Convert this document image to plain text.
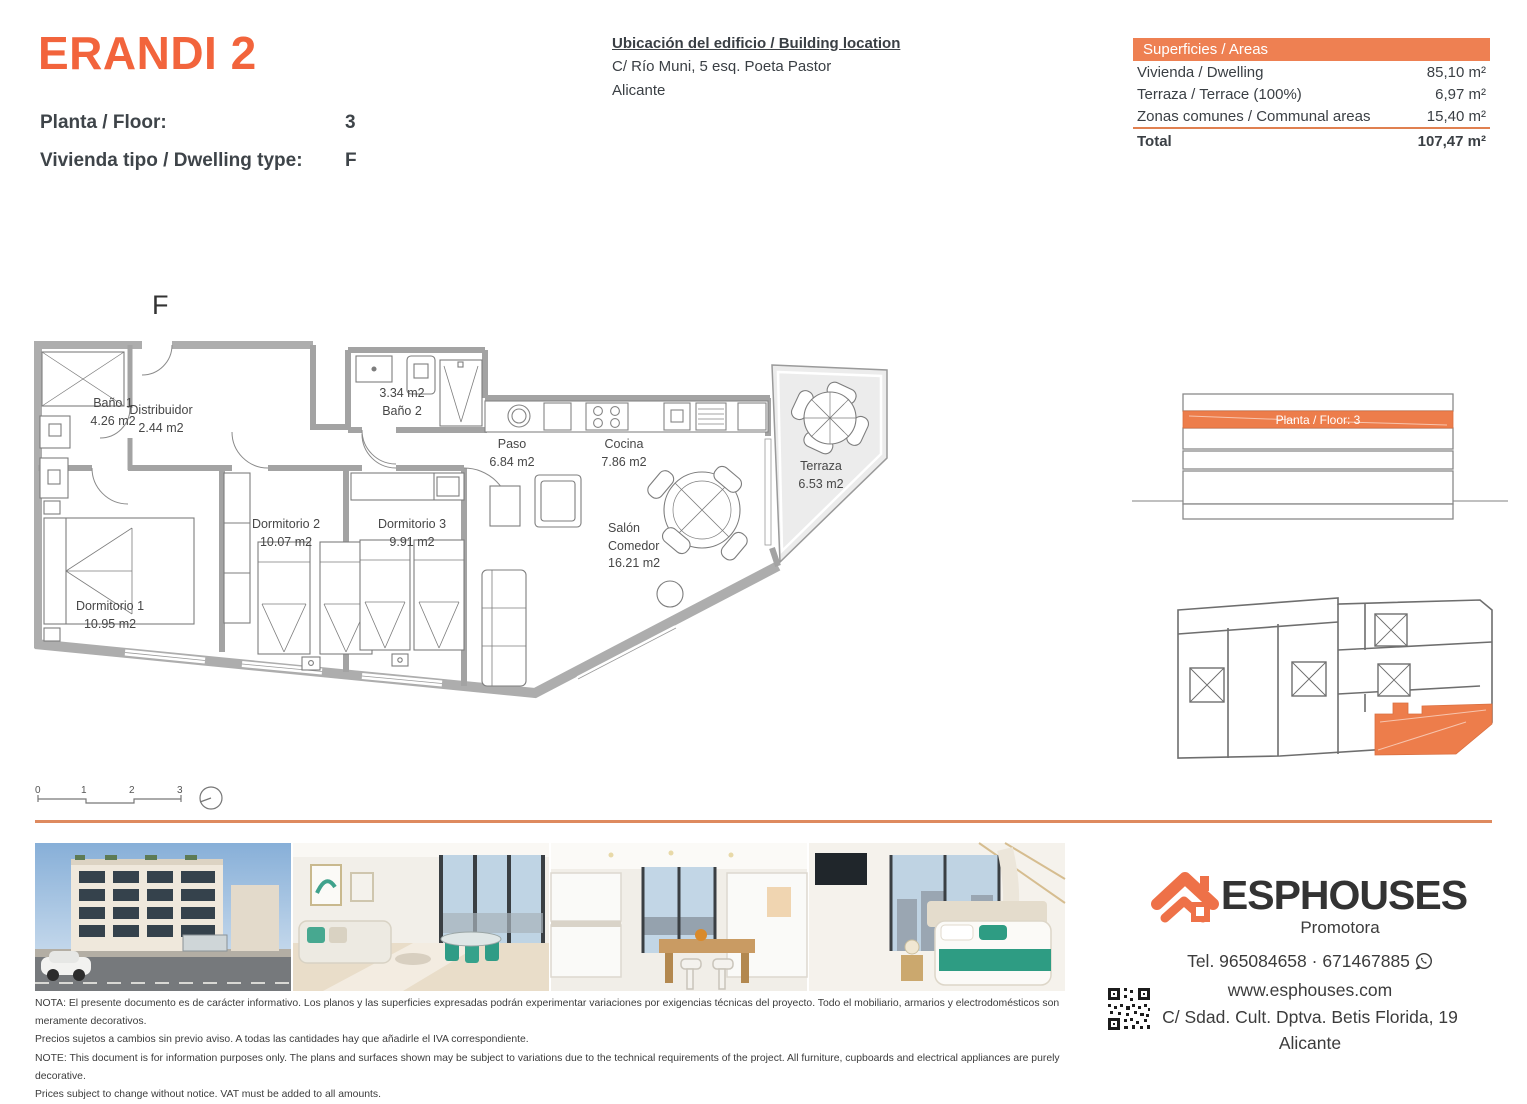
ERANDI 2
Planta / Floor:	3
Vivienda tipo / Dwelling type: F
Ubicación del edificio / Building location
C/ Río Muni, 5 esq. Poeta Pastor
Alicante
Superficies / Areas
Vivienda / Dwelling	85,10 m²
Terraza / Terrace (100%)	6,97 m²
Zonas comunes / Communal areas	15,40 m²
Total	107,47 m²
F
Baño 1
4.26 m2
Distribuidor
2.44 m2
3.34 m2
Baño 2
Paso
6.84 m2
Cocina
7.86 m2	Terraza
6.53 m2
Salón
Comedor
16.21 m2
Dormitorio 1
10.95 m2
Dormitorio 2
10.07 m2
Dormitorio 3
9.91 m2
0	1	2	3
Planta / Floor: 3
ESPHOUSES
Promotora
Tel. 965084658 · 671467885
www.esphouses.com
C/ Sdad. Cult. Dptva. Betis Florida, 19
Alicante
NOTA: El presente documento es de carácter informativo. Los planos y las superficies expresadas podrán experimentar variaciones por exigencias técnicas del proyecto. Todo el mobiliario, armarios y electrodomésticos son meramente decorativos.
Precios sujetos a cambios sin previo aviso. A todas las cantidades hay que añadirle el IVA correspondiente.
NOTE: This document is for information purposes only. The plans and surfaces shown may be subject to variations due to the technical requirements of the project. All furniture, cupboards and electrical appliances are purely decorative.
Prices subject to change without notice. VAT must be added to all amounts.
